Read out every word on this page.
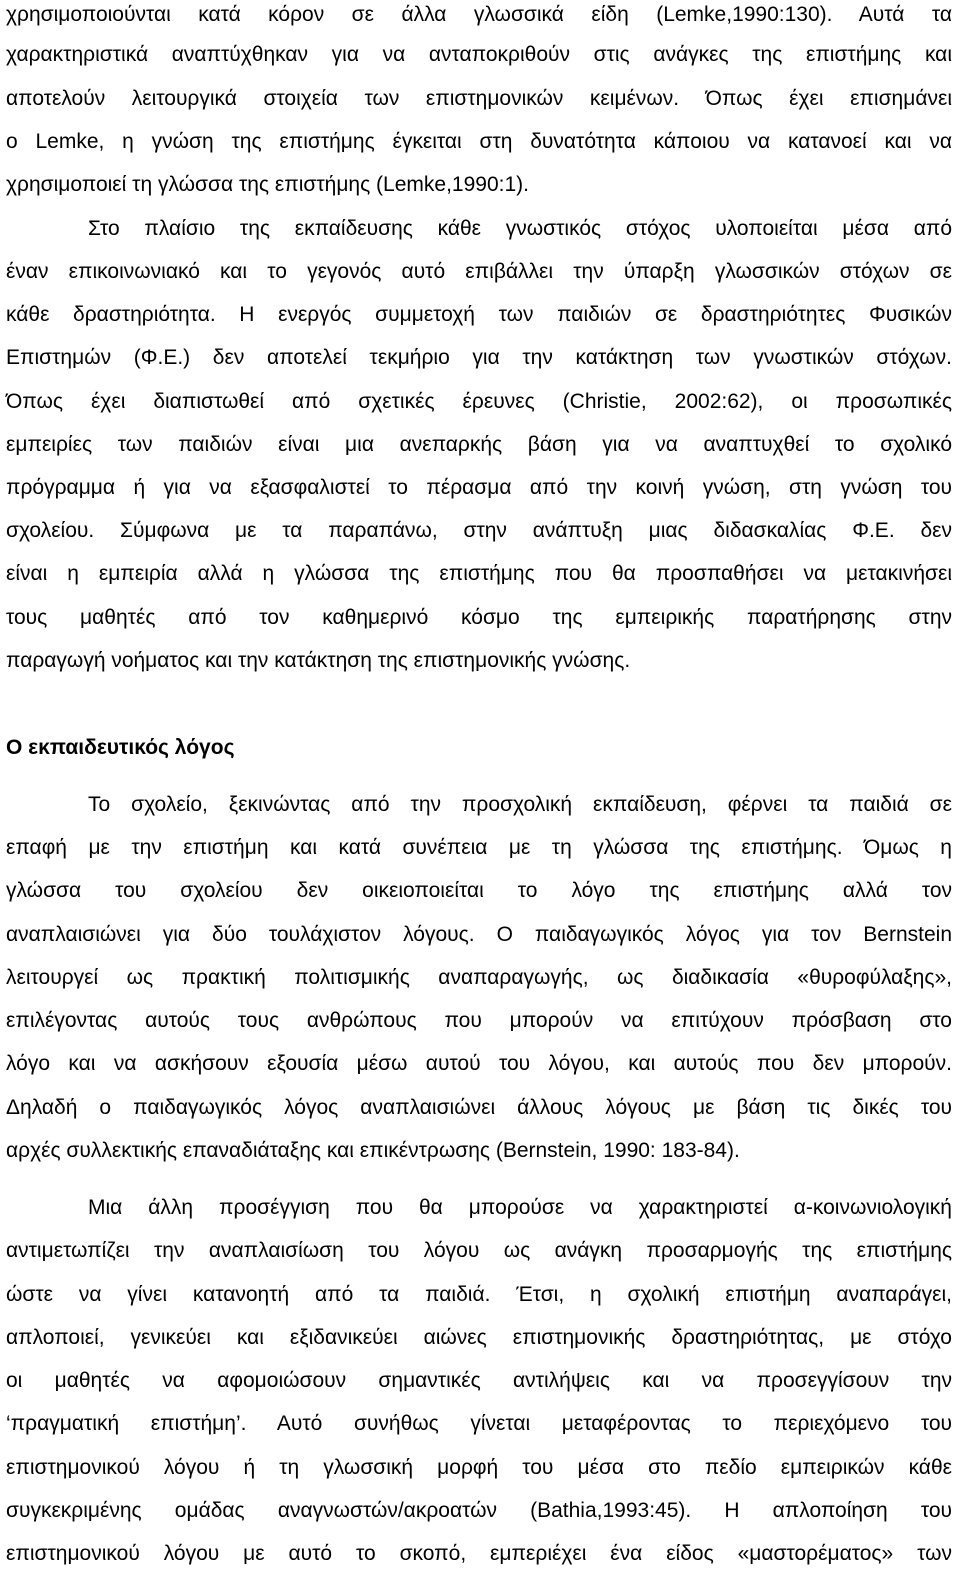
χρησιμοποιούνται κατά κόρον σε άλλα γλωσσικά είδη (Lemke,1990:130). Αυτά τα
χαρακτηριστικά αναπτύχθηκαν για να ανταποκριθούν στις ανάγκες της επιστήμης και
αποτελούν λειτουργικά στοιχεία των επιστημονικών κειμένων. Όπως έχει επισημάνει
ο Lemke, η γνώση της επιστήμης έγκειται στη δυνατότητα κάποιου να κατανοεί και να
χρησιμοποιεί τη γλώσσα της επιστήμης (Lemke,1990:1).
Στο πλαίσιο της εκπαίδευσης κάθε γνωστικός στόχος υλοποιείται μέσα από
έναν επικοινωνιακό και το γεγονός αυτό επιβάλλει την ύπαρξη γλωσσικών στόχων σε
κάθε δραστηριότητα. Η ενεργός συμμετοχή των παιδιών σε δραστηριότητες Φυσικών
Επιστημών (Φ.Ε.) δεν αποτελεί τεκμήριο για την κατάκτηση των γνωστικών στόχων.
Όπως έχει διαπιστωθεί από σχετικές έρευνες (Christie, 2002:62), οι προσωπικές
εμπειρίες των παιδιών είναι μια ανεπαρκής βάση για να αναπτυχθεί το σχολικό
πρόγραμμα ή για να εξασφαλιστεί το πέρασμα από την κοινή γνώση, στη γνώση του
σχολείου. Σύμφωνα με τα παραπάνω, στην ανάπτυξη μιας διδασκαλίας Φ.Ε. δεν
είναι η εμπειρία αλλά η γλώσσα της επιστήμης που θα προσπαθήσει να μετακινήσει
τους μαθητές από τον καθημερινό κόσμο της εμπειρικής παρατήρησης στην
παραγωγή νοήματος και την κατάκτηση της επιστημονικής γνώσης.
Ο εκπαιδευτικός λόγος
Το σχολείο, ξεκινώντας από την προσχολική εκπαίδευση, φέρνει τα παιδιά σε
επαφή με την επιστήμη και κατά συνέπεια με τη γλώσσα της επιστήμης. Όμως η
γλώσσα του σχολείου δεν οικειοποιείται το λόγο της επιστήμης αλλά τον
αναπλαισιώνει για δύο τουλάχιστον λόγους. Ο παιδαγωγικός λόγος για τον Bernstein
λειτουργεί ως πρακτική πολιτισμικής αναπαραγωγής, ως διαδικασία «θυροφύλαξης»,
επιλέγοντας αυτούς τους ανθρώπους που μπορούν να επιτύχουν πρόσβαση στο
λόγο και να ασκήσουν εξουσία μέσω αυτού του λόγου, και αυτούς που δεν μπορούν.
Δηλαδή ο παιδαγωγικός λόγος αναπλαισιώνει άλλους λόγους με βάση τις δικές του
αρχές συλλεκτικής επαναδιάταξης και επικέντρωσης (Bernstein, 1990: 183-84).
Μια άλλη προσέγγιση που θα μπορούσε να χαρακτηριστεί α-κοινωνιολογική
αντιμετωπίζει την αναπλαισίωση του λόγου ως ανάγκη προσαρμογής της επιστήμης
ώστε να γίνει κατανοητή από τα παιδιά. Έτσι, η σχολική επιστήμη αναπαράγει,
απλοποιεί, γενικεύει και εξιδανικεύει αιώνες επιστημονικής δραστηριότητας, με στόχο
οι μαθητές να αφομοιώσουν σημαντικές αντιλήψεις και να προσεγγίσουν την
‘πραγματική επιστήμη’. Αυτό συνήθως γίνεται μεταφέροντας το περιεχόμενο του
επιστημονικού λόγου ή τη γλωσσική μορφή του μέσα στο πεδίο εμπειρικών κάθε
συγκεκριμένης ομάδας αναγνωστών/ακροατών (Bathia,1993:45). Η απλοποίηση του
επιστημονικού λόγου με αυτό το σκοπό, εμπεριέχει ένα είδος «μαστορέματος» των
